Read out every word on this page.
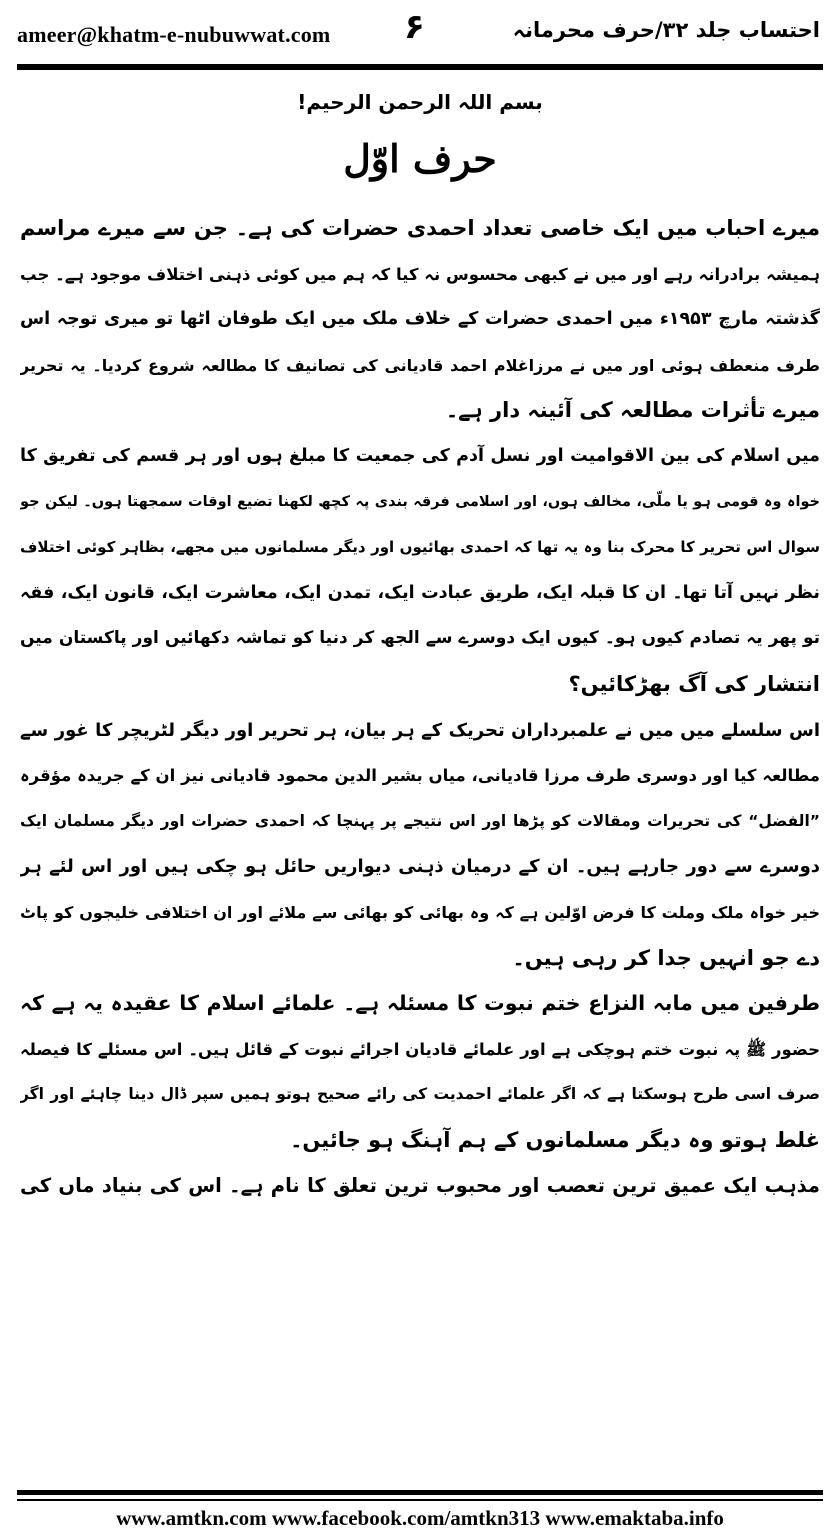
ameer@khatm-e-nubuwwat.com ۶	احتساب جلد ۳۲/حرف محرمانہ
بسم اللہ الرحمن الرحیم!
حرف اوّل
میرے احباب میں ایک خاصی تعداد احمدی حضرات کی ہے۔ جن سے میرے مراسم
ہمیشہ برادرانہ رہے اور میں نے کبھی محسوس نہ کیا کہ ہم میں کوئی ذہنی اختلاف موجود ہے۔ جب
گذشتہ مارچ ۱۹۵۳ء میں احمدی حضرات کے خلاف ملک میں ایک طوفان اٹھا تو میری توجہ اس
طرف منعطف ہوئی اور میں نے مرزاغلام احمد قادیانی کی تصانیف کا مطالعہ شروع کردیا۔ یہ تحریر
میرے تأثرات مطالعہ کی آئینہ دار ہے۔
میں اسلام کی بین الاقوامیت اور نسل آدم کی جمعیت کا مبلغ ہوں اور ہر قسم کی تفریق کا
خواہ وہ قومی ہو یا ملّی، مخالف ہوں، اور اسلامی فرقہ بندی پہ کچھ لکھنا تضیع اوقات سمجھتا ہوں۔ لیکن جو
سوال اس تحریر کا محرک بنا وہ یہ تھا کہ احمدی بھائیوں اور دیگر مسلمانوں میں مجھے، بظاہر کوئی اختلاف
نظر نہیں آتا تھا۔ ان کا قبلہ ایک، طریق عبادت ایک، تمدن ایک، معاشرت ایک، قانون ایک، فقہ
تو پھر یہ تصادم کیوں ہو۔ کیوں ایک دوسرے سے الجھ کر دنیا کو تماشہ دکھائیں اور پاکستان میں
انتشار کی آگ بھڑکائیں؟
اس سلسلے میں میں نے علمبرداران تحریک کے ہر بیان، ہر تحریر اور دیگر لٹریچر کا غور سے
مطالعہ کیا اور دوسری طرف مرزا قادیانی، میاں بشیر الدین محمود قادیانی نیز ان کے جریدہ مؤقرہ
”الفضل“ کی تحریرات ومقالات کو پڑھا اور اس نتیجے پر پہنچا کہ احمدی حضرات اور دیگر مسلمان ایک
دوسرے سے دور جارہے ہیں۔ ان کے درمیان ذہنی دیواریں حائل ہو چکی ہیں اور اس لئے ہر
خیر خواہ ملک وملت کا فرض اوّلین ہے کہ وہ بھائی کو بھائی سے ملائے اور ان اختلافی خلیجوں کو پاٹ
دے جو انہیں جدا کر رہی ہیں۔
طرفین میں مابہ النزاع ختم نبوت کا مسئلہ ہے۔ علمائے اسلام کا عقیدہ یہ ہے کہ
حضور ﷺ پہ نبوت ختم ہوچکی ہے اور علمائے قادیان اجرائے نبوت کے قائل ہیں۔ اس مسئلے کا فیصلہ
صرف اسی طرح ہوسکتا ہے کہ اگر علمائے احمدیت کی رائے صحیح ہوتو ہمیں سپر ڈال دینا چاہئے اور اگر
غلط ہوتو وہ دیگر مسلمانوں کے ہم آہنگ ہو جائیں۔
مذہب ایک عمیق ترین تعصب اور محبوب ترین تعلق کا نام ہے۔ اس کی بنیاد ماں کی
www.amtkn.com www.facebook.com/amtkn313 www.emaktaba.info
